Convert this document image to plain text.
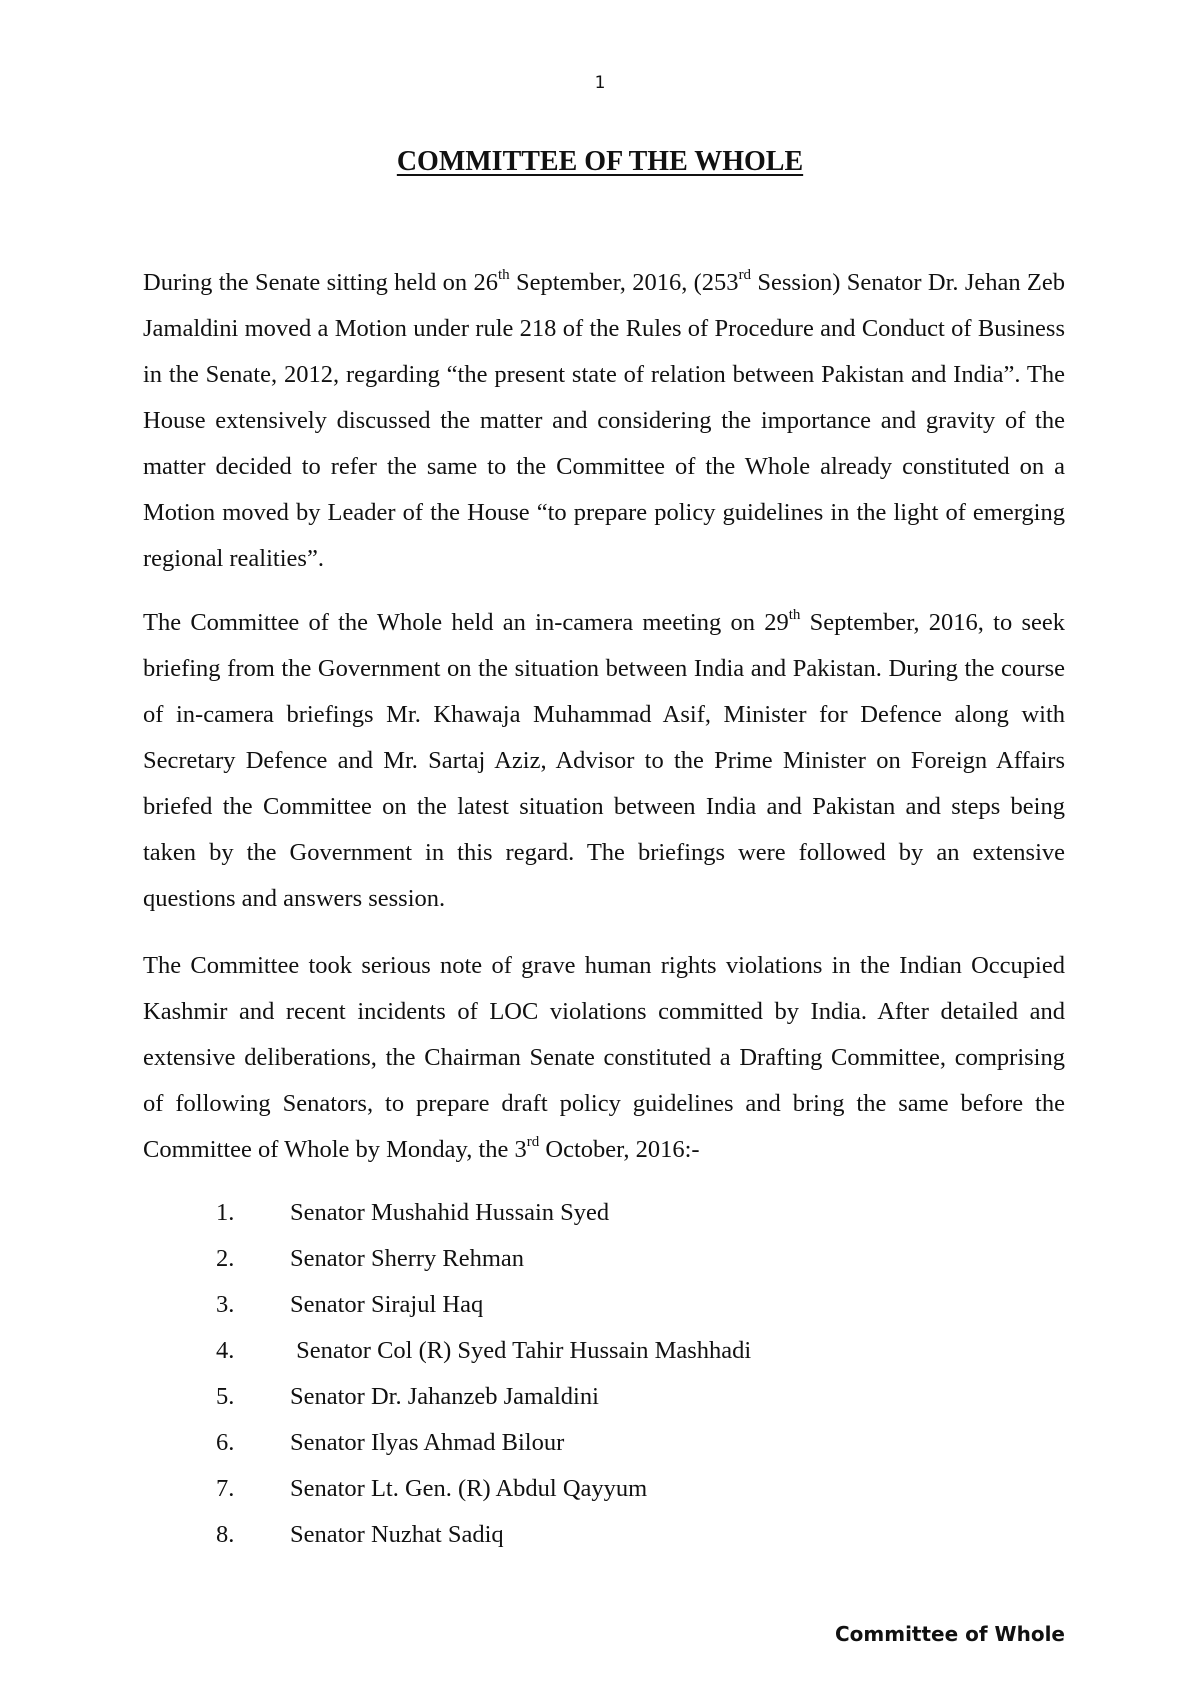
1
COMMITTEE OF THE WHOLE

During the Senate sitting held on 26th September, 2016, (253rd Session) Senator Dr. Jehan Zeb Jamaldini moved a Motion under rule 218 of the Rules of Procedure and Conduct of Business in the Senate, 2012, regarding “the present state of relation between Pakistan and India”. The House extensively discussed the matter and considering the importance and gravity of the matter decided to refer the same to the Committee of the Whole already constituted on a Motion moved by Leader of the House “to prepare policy guidelines in the light of emerging regional realities”.

The Committee of the Whole held an in-camera meeting on 29th September, 2016, to seek briefing from the Government on the situation between India and Pakistan. During the course of in-camera briefings Mr. Khawaja Muhammad Asif, Minister for Defence along with Secretary Defence and Mr. Sartaj Aziz, Advisor to the Prime Minister on Foreign Affairs briefed the Committee on the latest situation between India and Pakistan and steps being taken by the Government in this regard. The briefings were followed by an extensive questions and answers session.

The Committee took serious note of grave human rights violations in the Indian Occupied Kashmir and recent incidents of LOC violations committed by India. After detailed and extensive deliberations, the Chairman Senate constituted a Drafting Committee, comprising of following Senators, to prepare draft policy guidelines and bring the same before the Committee of Whole by Monday, the 3rd October, 2016:-

1. Senator Mushahid Hussain Syed
2. Senator Sherry Rehman
3. Senator Sirajul Haq
4. Senator Col (R) Syed Tahir Hussain Mashhadi
5. Senator Dr. Jahanzeb Jamaldini
6. Senator Ilyas Ahmad Bilour
7. Senator Lt. Gen. (R) Abdul Qayyum
8. Senator Nuzhat Sadiq
Committee of Whole
